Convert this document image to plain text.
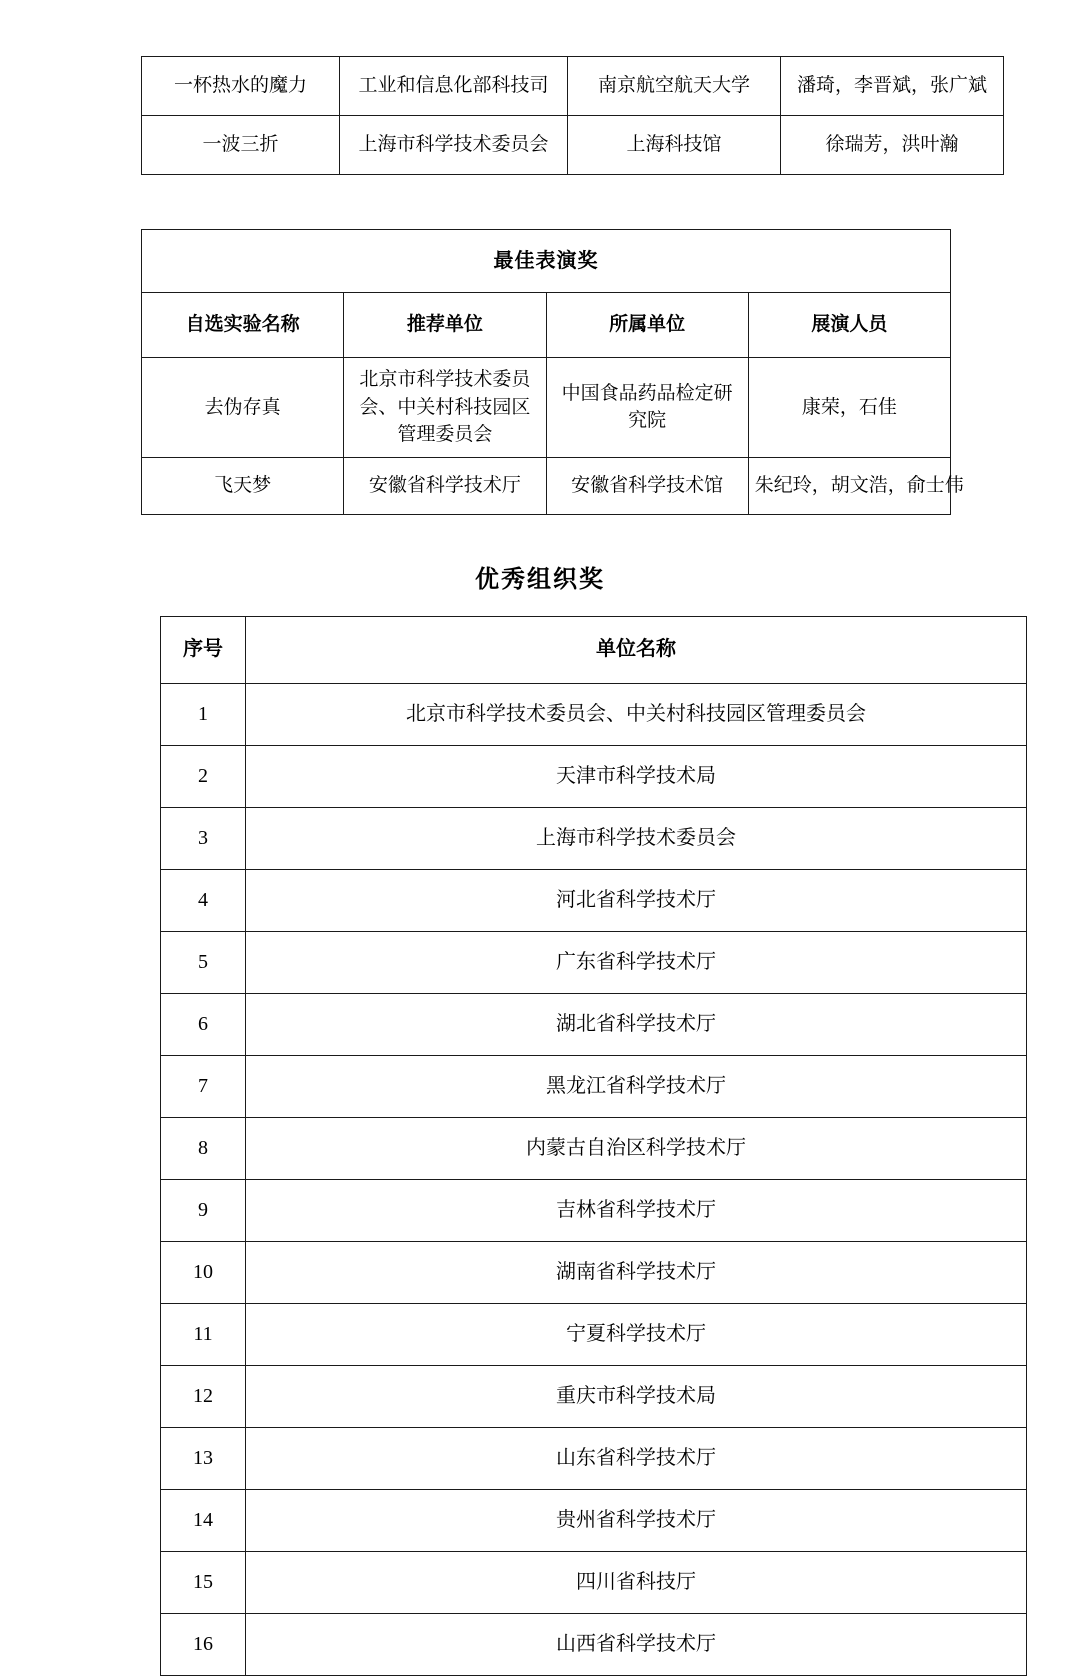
一杯热水的魔力	工业和信息化部科技司	南京航空航天大学	潘琦，李晋斌，张广斌
一波三折	上海市科学技术委员会	上海科技馆	徐瑞芳，洪叶瀚
最佳表演奖			
自选实验名称	推荐单位	所属单位	展演人员
去伪存真	北京市科学技术委员会、中关村科技园区管理委员会	中国食品药品检定研究院	康荣，石佳
飞天梦	安徽省科学技术厅	安徽省科学技术馆	朱纪玲，胡文浩，俞士伟
优秀组织奖
序号	单位名称
1	北京市科学技术委员会、中关村科技园区管理委员会
2	天津市科学技术局
3	上海市科学技术委员会
4	河北省科学技术厅
5	广东省科学技术厅
6	湖北省科学技术厅
7	黑龙江省科学技术厅
8	内蒙古自治区科学技术厅
9	吉林省科学技术厅
10	湖南省科学技术厅
11	宁夏科学技术厅
12	重庆市科学技术局
13	山东省科学技术厅
14	贵州省科学技术厅
15	四川省科技厅
16	山西省科学技术厅
